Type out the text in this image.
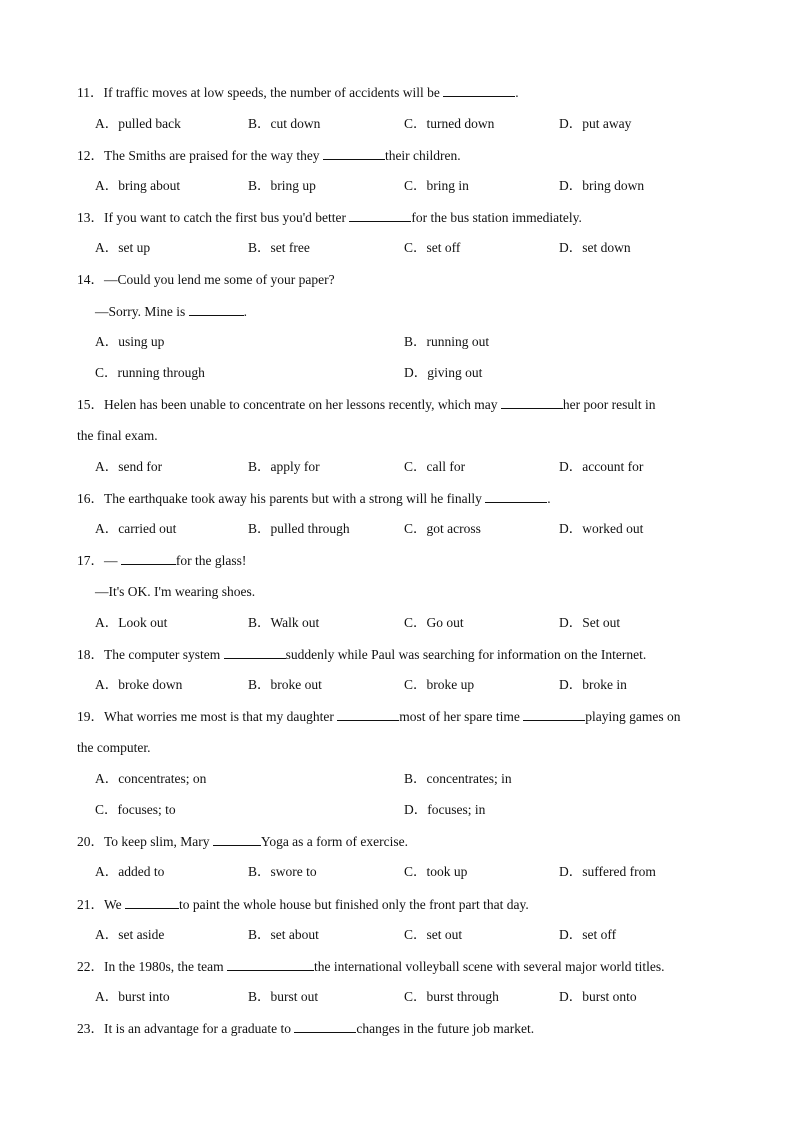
11．If traffic moves at low speeds, the number of accidents will be	.
A．pulled back	B．cut down	C．turned down	D．put away
12．The Smiths are praised for the way they	their children.
A．bring about	B．bring up	C．bring in	D．bring down
13．If you want to catch the first bus you'd better	for the bus station immediately.
A．set up	B．set free	C．set off	D．set down
14．—Could you lend me some of your paper?
—Sorry. Mine is	.
A．using up	B．running out
C．running through	D．giving out
15．Helen has been unable to concentrate on her lessons recently, which may	her poor result in
the final exam.
A．send for	B．apply for	C．call for	D．account for
16．The earthquake took away his parents but with a strong will he finally	.
A．carried out	B．pulled through	C．got across	D．worked out
17．—	for the glass!
—It's OK. I'm wearing shoes.
A．Look out	B．Walk out	C．Go out	D．Set out
18．The computer system	suddenly while Paul was searching for information on the Internet.
A．broke down	B．broke out	C．broke up	D．broke in
19．What worries me most is that my daughter	most of her spare time	playing games on
the computer.
A．concentrates; on	B．concentrates; in
C．focuses; to	D．focuses; in
20．To keep slim, Mary	Yoga as a form of exercise.
A．added to	B．swore to	C．took up	D．suffered from
21．We	to paint the whole house but finished only the front part that day.
A．set aside	B．set about	C．set out	D．set off
22．In the 1980s, the team	the international volleyball scene with several major world titles.
A．burst into	B．burst out	C．burst through	D．burst onto
23．It is an advantage for a graduate to	changes in the future job market.
